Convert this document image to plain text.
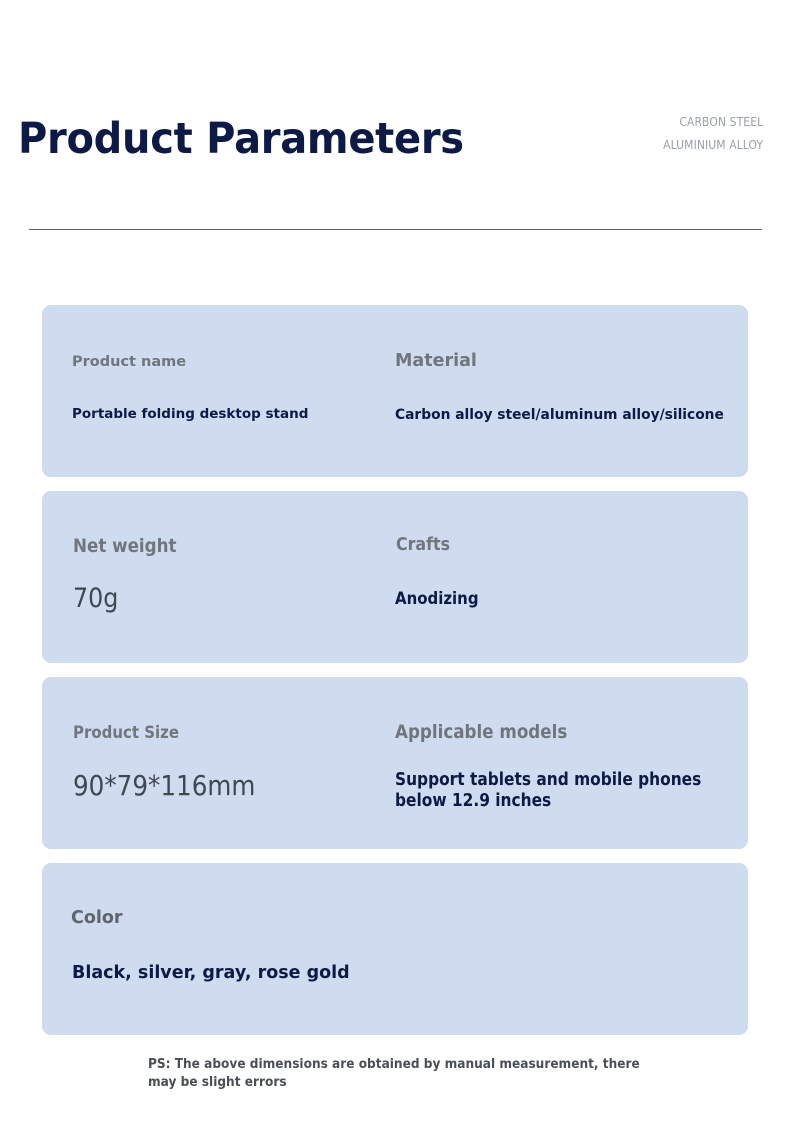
Product Parameters	CARBON STEEL
ALUMINIUM ALLOY
Product name
Portable folding desktop stand
Material
Carbon alloy steel/aluminum alloy/silicone
Net weight
70g
Crafts
Anodizing
Product Size
90*79*116mm
Applicable models
Support tablets and mobile phones
below 12.9 inches
Color
Black, silver, gray, rose gold
PS: The above dimensions are obtained by manual measurement, there
may be slight errors
